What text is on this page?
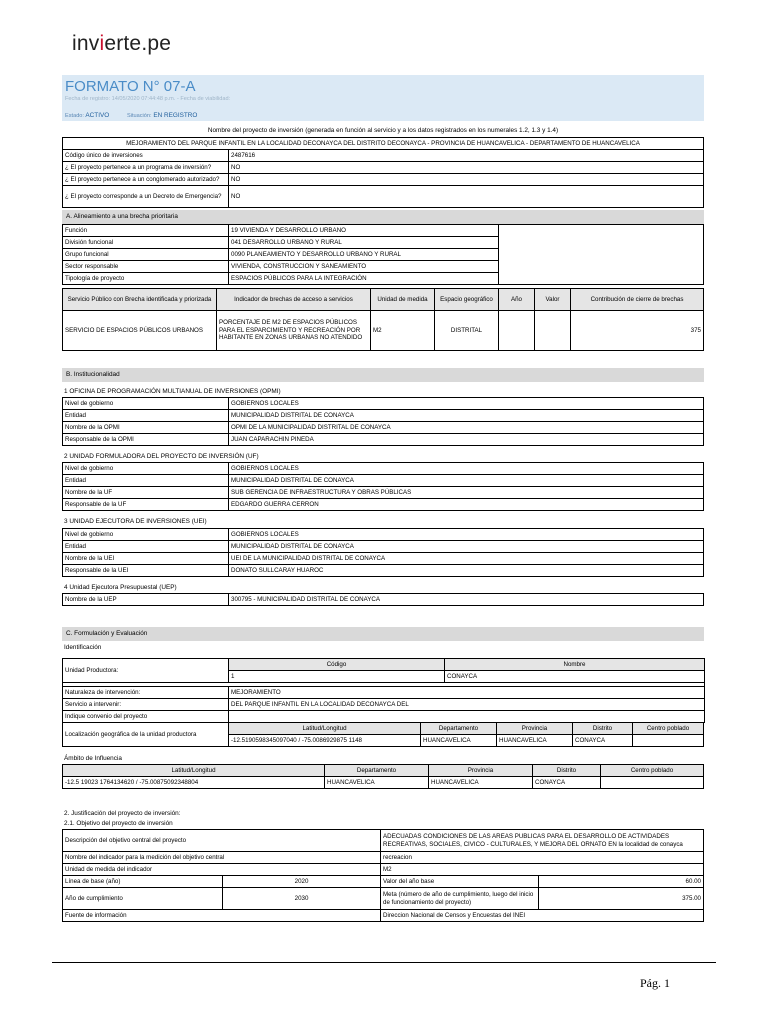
invierte.pe
FORMATO N° 07-A
Fecha de registro: 14/05/2020 07:44:48 p.m. - Fecha de viabilidad:
Estado: ACTIVO	Situación: EN REGISTRO
Nombre del proyecto de inversión (generada en función al servicio y a los datos registrados en los numerales 1.2, 1.3 y 1.4)
MEJORAMIENTO DEL PARQUE INFANTIL EN LA LOCALIDAD DECONAYCA DEL DISTRITO DECONAYCA - PROVINCIA DE HUANCAVELICA - DEPARTAMENTO DE HUANCAVELICA	
Código único de inversiones	2487616
¿ El proyecto pertenece a un programa de inversión?	NO
¿ El proyecto pertenece a un conglomerado autorizado?	NO
¿ El proyecto corresponde a un Decreto de Emergencia?	NO
A. Alineamiento a una brecha prioritaria
Función	19 VIVIENDA Y DESARROLLO URBANO	
División funcional	041 DESARROLLO URBANO Y RURAL	
Grupo funcional	0090 PLANEAMIENTO Y DESARROLLO URBANO Y RURAL	
Sector responsable	VIVIENDA, CONSTRUCCION Y SANEAMIENTO	
Tipología de proyecto	ESPACIOS PÚBLICOS PARA LA INTEGRACIÓN	
Servicio Público con Brecha identificada y priorizada	Indicador de brechas de acceso a servicios	Unidad de medida	Espacio geográfico	Año	Valor	Contribución de cierre de brechas
SERVICIO DE ESPACIOS PÚBLICOS URBANOS	PORCENTAJE DE M2 DE ESPACIOS PÚBLICOS PARA EL ESPARCIMIENTO Y RECREACIÓN POR HABITANTE EN ZONAS URBANAS NO ATENDIDO	M2	DISTRITAL			375
B. Institucionalidad
1 OFICINA DE PROGRAMACIÓN MULTIANUAL DE INVERSIONES (OPMI)
Nivel de gobierno	GOBIERNOS LOCALES
Entidad	MUNICIPALIDAD DISTRITAL DE CONAYCA
Nombre de la OPMI	OPMI DE LA MUNICIPALIDAD DISTRITAL DE CONAYCA
Responsable de la OPMI	JUAN CAPARACHIN PINEDA
2 UNIDAD FORMULADORA DEL PROYECTO DE INVERSIÓN (UF)
Nivel de gobierno	GOBIERNOS LOCALES
Entidad	MUNICIPALIDAD DISTRITAL DE CONAYCA
Nombre de la UF	SUB GERENCIA DE INFRAESTRUCTURA Y OBRAS PÚBLICAS
Responsable de la UF	EDGARDO GUERRA CERRON
3 UNIDAD EJECUTORA DE INVERSIONES (UEI)
Nivel de gobierno	GOBIERNOS LOCALES
Entidad	MUNICIPALIDAD DISTRITAL DE CONAYCA
Nombre de la UEI	UEI DE LA MUNICIPALIDAD DISTRITAL DE CONAYCA
Responsable de la UEI	DONATO SULLCARAY HUAROC
4 Unidad Ejecutora Presupuestal (UEP)
Nombre de la UEP	300795 - MUNICIPALIDAD DISTRITAL DE CONAYCA
C. Formulación y Evaluación
Identificación
Unidad Productora:	Código	Nombre
	1	CONAYCA

Naturaleza de intervención:	MEJORAMIENTO	
Servicio a intervenir:	DEL PARQUE INFANTIL EN LA LOCALIDAD DECONAYCA DEL	
Indique convenio del proyecto		
Localización geográfica de la unidad productora	Latitud/Longitud	Departamento	Provincia	Distrito	Centro poblado
	-12.5190598345097040 / -75.0086929875 1148	HUANCAVELICA	HUANCAVELICA	CONAYCA	
Ámbito de Influencia
Latitud/Longitud	Departamento	Provincia	Distrito	Centro poblado
-12.5 19023 1764134620 / -75.00875092348804	HUANCAVELICA	HUANCAVELICA	CONAYCA	
2. Justificación del proyecto de inversión:
2.1. Objetivo del proyecto de inversión
Descripción del objetivo central del proyecto		ADECUADAS CONDICIONES DE LAS AREAS PUBLICAS PARA EL DESARROLLO DE ACTIVIDADES RECREATIVAS, SOCIALES, CIVICO - CULTURALES, Y MEJORA DEL ORNATO EN la localidad de conayca	
Nombre del indicador para la medición del objetivo central		recreacion	
Unidad de medida del indicador		M2	
Línea de base (año)	2020	Valor del año base	60.00
Año de cumplimiento	2030	Meta (número de año de cumplimiento, luego del inicio de funcionamiento del proyecto)	375.00
Fuente de información		Direccion Nacional de Censos y Encuestas del INEI	
Pág. 1
